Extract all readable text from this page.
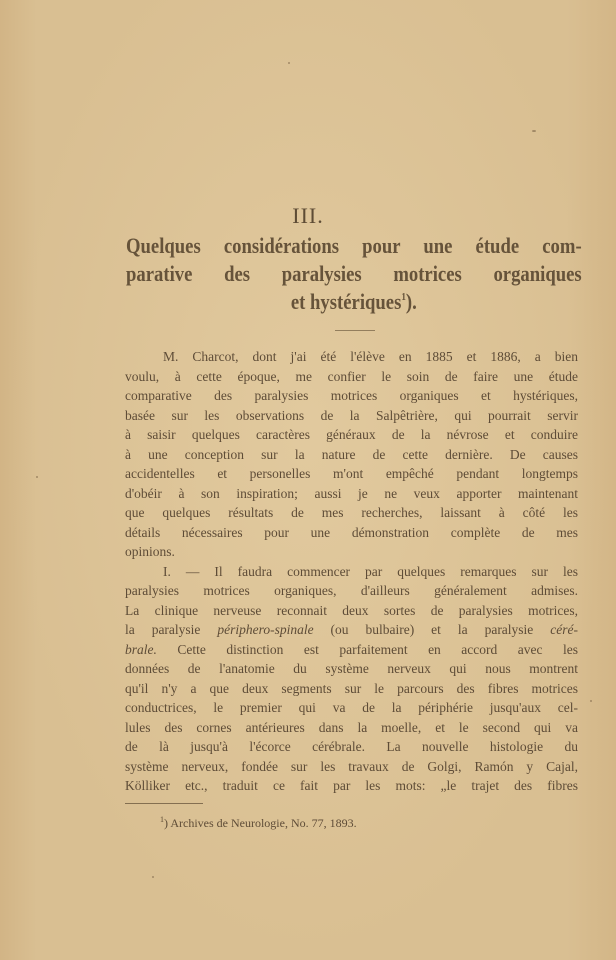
III.
Quelques considérations pour une étude com-
parative des paralysies motrices organiques
et hystériques$^1$).
M. Charcot, dont j'ai été l'élève en 1885 et 1886, a bien
voulu, à cette époque, me confier le soin de faire une étude
comparative des paralysies motrices organiques et hystériques,
basée sur les observations de la Salpêtrière, qui pourrait servir
à saisir quelques caractères généraux de la névrose et conduire
à une conception sur la nature de cette dernière. De causes
accidentelles et personelles m'ont empêché pendant longtemps
d'obéir à son inspiration; aussi je ne veux apporter maintenant
que quelques résultats de mes recherches, laissant à côté les
détails nécessaires pour une démonstration complète de mes
opinions.
I. — Il faudra commencer par quelques remarques sur les
paralysies motrices organiques, d'ailleurs généralement admises.
La clinique nerveuse reconnait deux sortes de paralysies motrices,
la paralysie périphero-spinale (ou bulbaire) et la paralysie céré-
brale. Cette distinction est parfaitement en accord avec les
données de l'anatomie du système nerveux qui nous montrent
qu'il n'y a que deux segments sur le parcours des fibres motrices
conductrices, le premier qui va de la périphérie jusqu'aux cel-
lules des cornes antérieures dans la moelle, et le second qui va
de là jusqu'à l'écorce cérébrale. La nouvelle histologie du
système nerveux, fondée sur les travaux de Golgi, Ramón y Cajal,
Kölliker etc., traduit ce fait par les mots: „le trajet des fibres
$^1$) Archives de Neurologie, No. 77, 1893.
